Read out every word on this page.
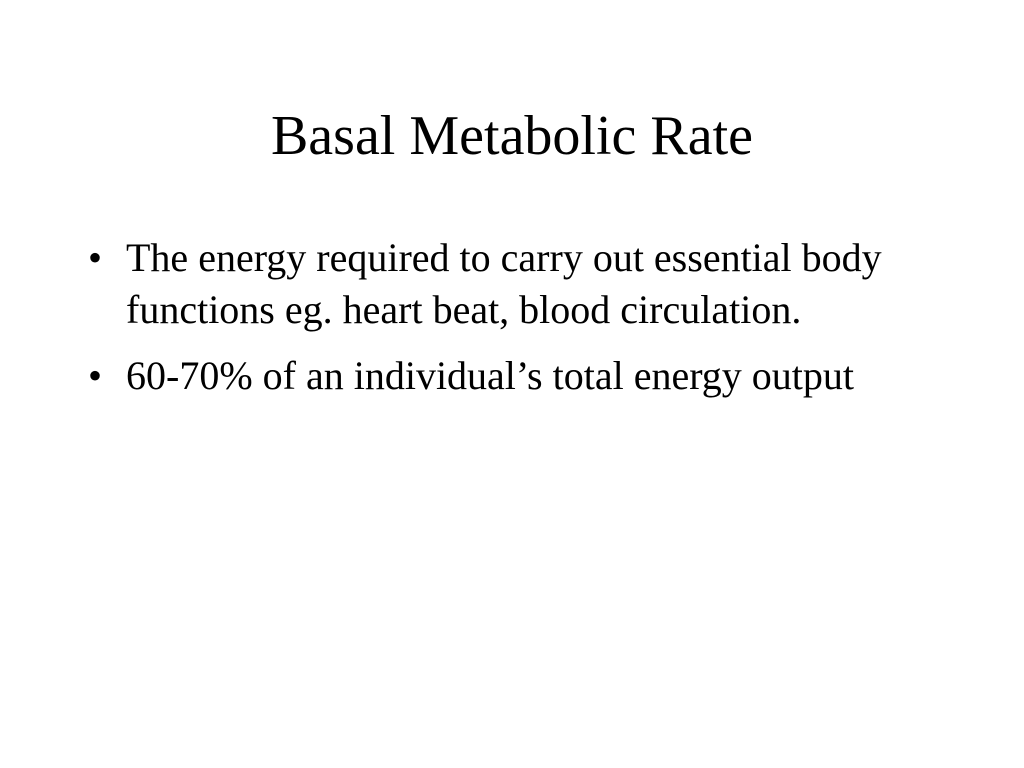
Basal Metabolic Rate
• The energy required to carry out essential body functions eg. heart beat, blood circulation.
• 60-70% of an individual’s total energy output
